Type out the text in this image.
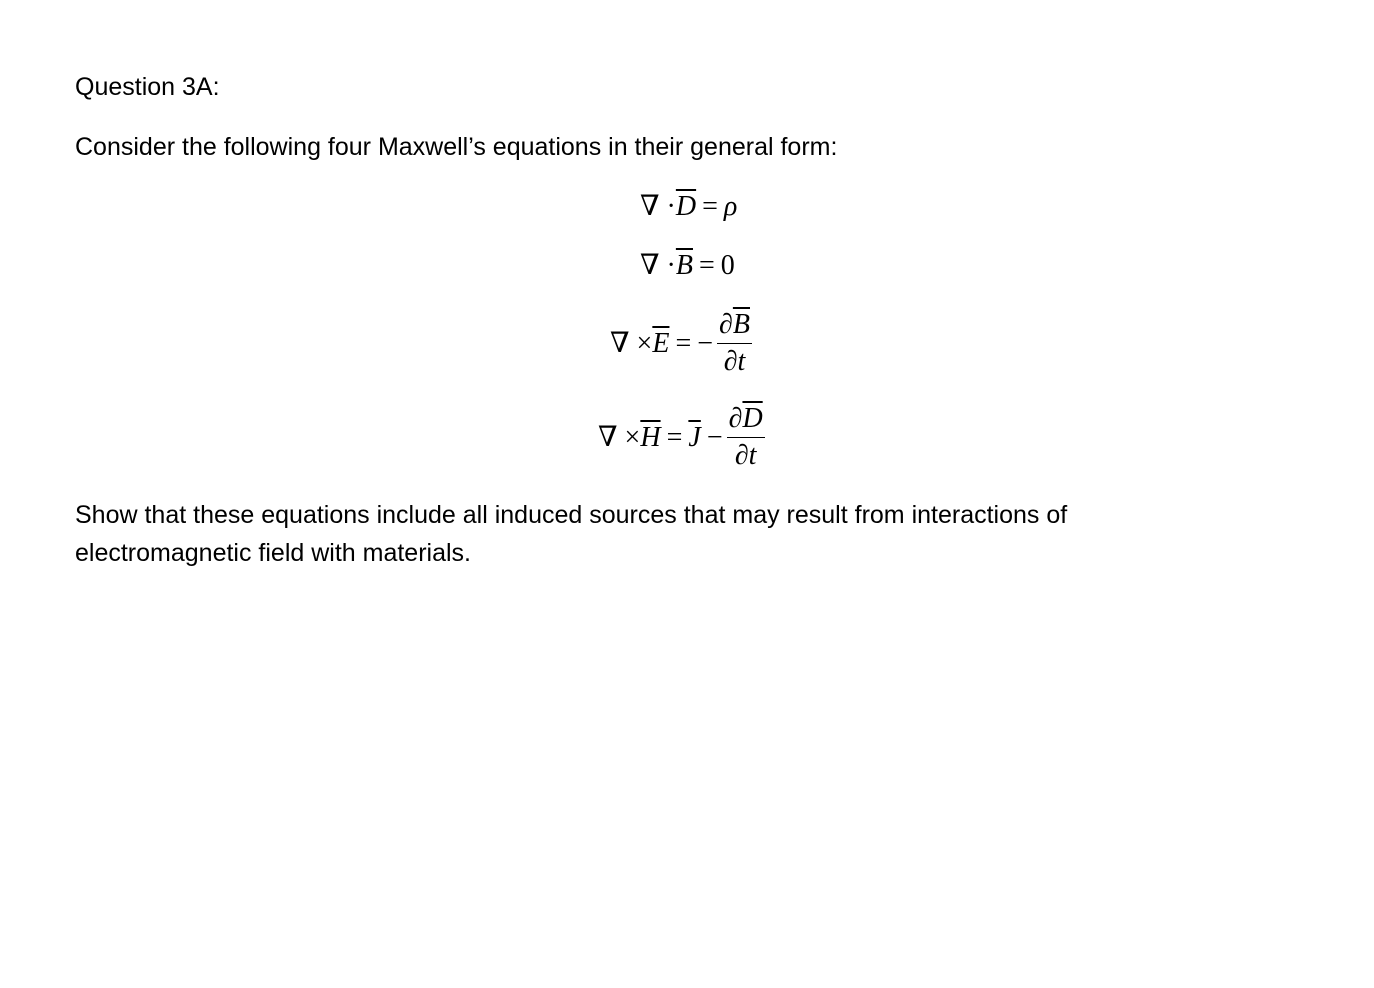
Question 3A:
Consider the following four Maxwell’s equations in their general form:
∇ · $\overline{D} = \rho$
∇ · $\overline{B} = 0$
∇ × $\overline{E}$ = − $\frac{\partial\overline{B}}{\partial t}$
∇ × $\overline{H} = \overline{J} - \frac{\partial\overline{D}}{\partial t}$
Show that these equations include all induced sources that may result from interactions of
electromagnetic field with materials.
